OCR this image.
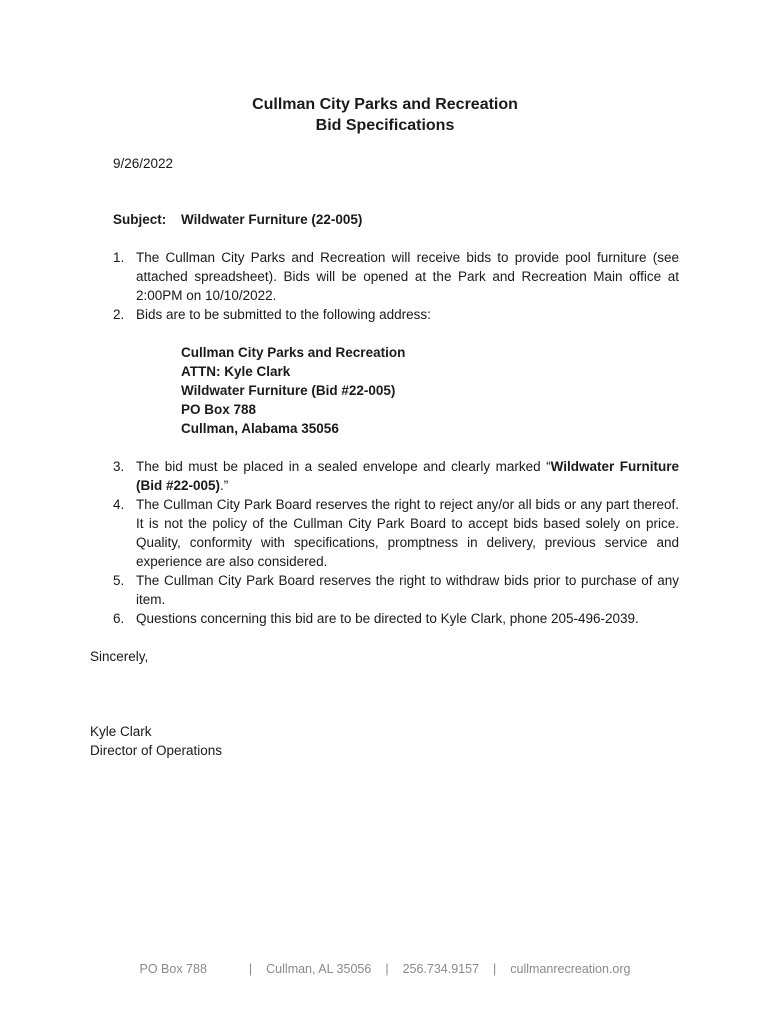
Cullman City Parks and Recreation
Bid Specifications
9/26/2022
Subject: Wildwater Furniture (22-005)
1. The Cullman City Parks and Recreation will receive bids to provide pool furniture (see attached spreadsheet). Bids will be opened at the Park and Recreation Main office at 2:00PM on 10/10/2022.
2. Bids are to be submitted to the following address:
Cullman City Parks and Recreation
ATTN: Kyle Clark
Wildwater Furniture (Bid #22-005)
PO Box 788
Cullman, Alabama 35056
3. The bid must be placed in a sealed envelope and clearly marked “Wildwater Furniture (Bid #22-005).”
4. The Cullman City Park Board reserves the right to reject any/or all bids or any part thereof. It is not the policy of the Cullman City Park Board to accept bids based solely on price. Quality, conformity with specifications, promptness in delivery, previous service and experience are also considered.
5. The Cullman City Park Board reserves the right to withdraw bids prior to purchase of any item.
6. Questions concerning this bid are to be directed to Kyle Clark, phone 205-496-2039.
Sincerely,
Kyle Clark
Director of Operations
PO Box 788	| Cullman, AL 35056 | 256.734.9157 | cullmanrecreation.org
